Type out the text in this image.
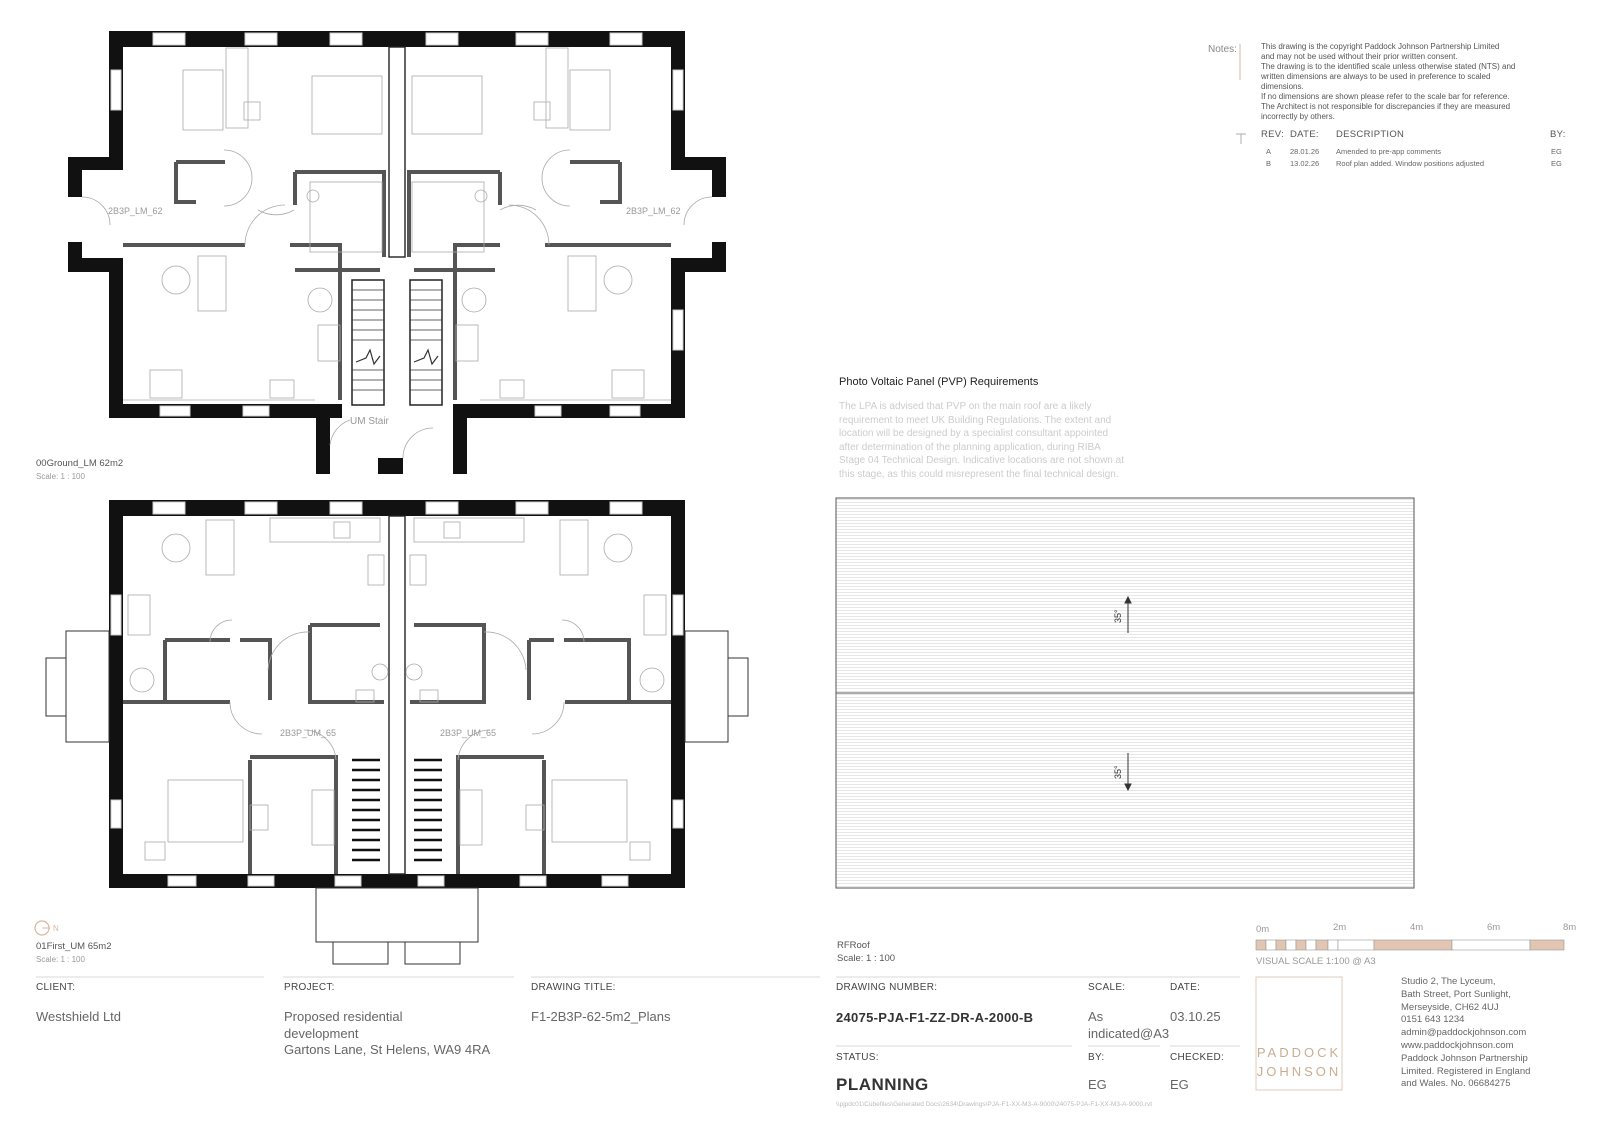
UM Stair
2B3P_LM_62	2B3P_LM_62
2B3P_UM_65	2B3P_UM_65
35°
35°
N
Notes:	This drawing is the copyright Paddock Johnson Partnership Limited
and may not be used without their prior written consent.
The drawing is to the identified scale unless otherwise stated (NTS) and
written dimensions are always to be used in preference to scaled
dimensions.
If no dimensions are shown please refer to the scale bar for reference.
The Architect is not responsible for discrepancies if they are measured
incorrectly by others.
REV: DATE: DESCRIPTION	BY:
A	28.01.26 Amended to pre-app comments	EG
B	13.02.26 Roof plan added. Window positions adjusted	EG
Photo Voltaic Panel (PVP) Requirements
The LPA is advised that PVP on the main roof are a likely
requirement to meet UK Building Regulations. The extent and
location will be designed by a specialist consultant appointed
after determination of the planning application, during RIBA
Stage 04 Technical Design. Indicative locations are not shown at
this stage, as this could misrepresent the final technical design.
00Ground_LM 62m2
Scale: 1 : 100
01First_UM 65m2
Scale: 1 : 100
RFRoof
Scale: 1 : 100
0m	2m	4m	6m	8m
VISUAL SCALE 1:100 @ A3
CLIENT:
Westshield Ltd
PROJECT:
Proposed residential
development
Gartons Lane, St Helens, WA9 4RA
DRAWING TITLE:
F1-2B3P-62-5m2_Plans
DRAWING NUMBER:
24075-PJA-F1-ZZ-DR-A-2000-B
SCALE:
As
indicated@A3
DATE:
03.10.25
STATUS:
PLANNING
BY:
EG
CHECKED:
EG
\\pjpdc01\Cubefiles\Generated Docs\2634\Drawings\PJA-F1-XX-M3-A-9000\24075-PJA-F1-XX-M3-A-9000.rvt
PADDOCK
JOHNSON
Studio 2, The Lyceum,
Bath Street, Port Sunlight,
Merseyside, CH62 4UJ
0151 643 1234
admin@paddockjohnson.com
www.paddockjohnson.com
Paddock Johnson Partnership
Limited. Registered in England
and Wales. No. 06684275
